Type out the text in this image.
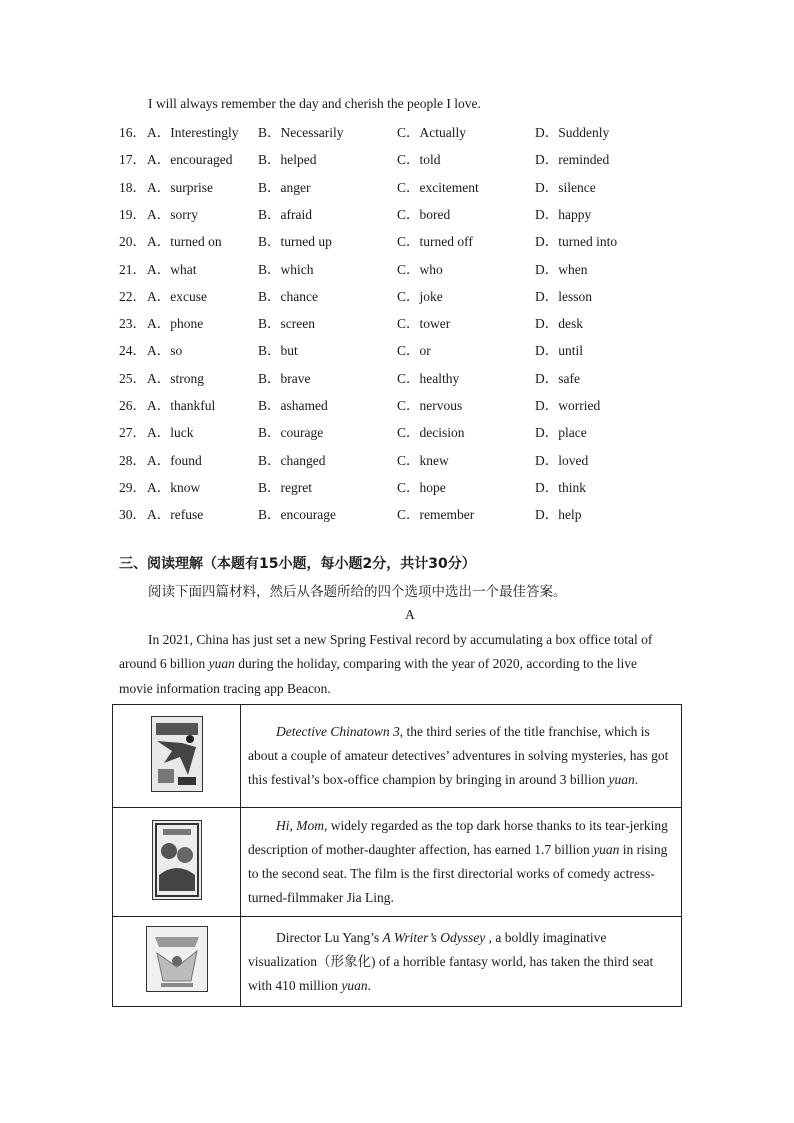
I will always remember the day and cherish the people I love.
16． A．Interestingly B．Necessarily	C．Actually	D．Suddenly
17． A．encouraged B．helped	C．told	D．reminded
18． A．surprise	B．anger	C．excitement	D．silence
19． A．sorry	B．afraid	C．bored	D．happy
20． A．turned on	B．turned up	C．turned off	D．turned into
21． A．what	B．which	C．who	D．when
22． A．excuse	B．chance	C．joke	D．lesson
23． A．phone	B．screen	C．tower	D．desk
24． A．so	B．but	C．or	D．until
25． A．strong	B．brave	C．healthy	D．safe
26． A．thankful	B．ashamed	C．nervous	D．worried
27． A．luck	B．courage	C．decision	D．place
28． A．found	B．changed	C．knew	D．loved
29． A．know	B．regret	C．hope	D．think
30． A．refuse	B．encourage	C．remember	D．help
三、阅读理解（本题有15小题，每小题2分，共计30分）
阅读下面四篇材料，然后从各题所给的四个选项中选出一个最佳答案。
A
In 2021, China has just set a new Spring Festival record by accumulating a box office total of
around 6 billion yuan during the holiday, comparing with the year of 2020, according to the live
movie information tracing app Beacon.
	Detective Chinatown 3, the third series of the title franchise, which is about a couple of amateur detectives’ adventures in solving mysteries, has got this festival’s box-office champion by bringing in around 3 billion yuan.
	Hi, Mom, widely regarded as the top dark horse thanks to its tear-jerking description of mother-daughter affection, has earned 1.7 billion yuan in rising to the second seat. The film is the first directorial works of comedy actress-turned-filmmaker Jia Ling.
	Director Lu Yang’s A Writer’s Odyssey , a boldly imaginative visualization（形象化) of a horrible fantasy world, has taken the third seat with 410 million yuan.
